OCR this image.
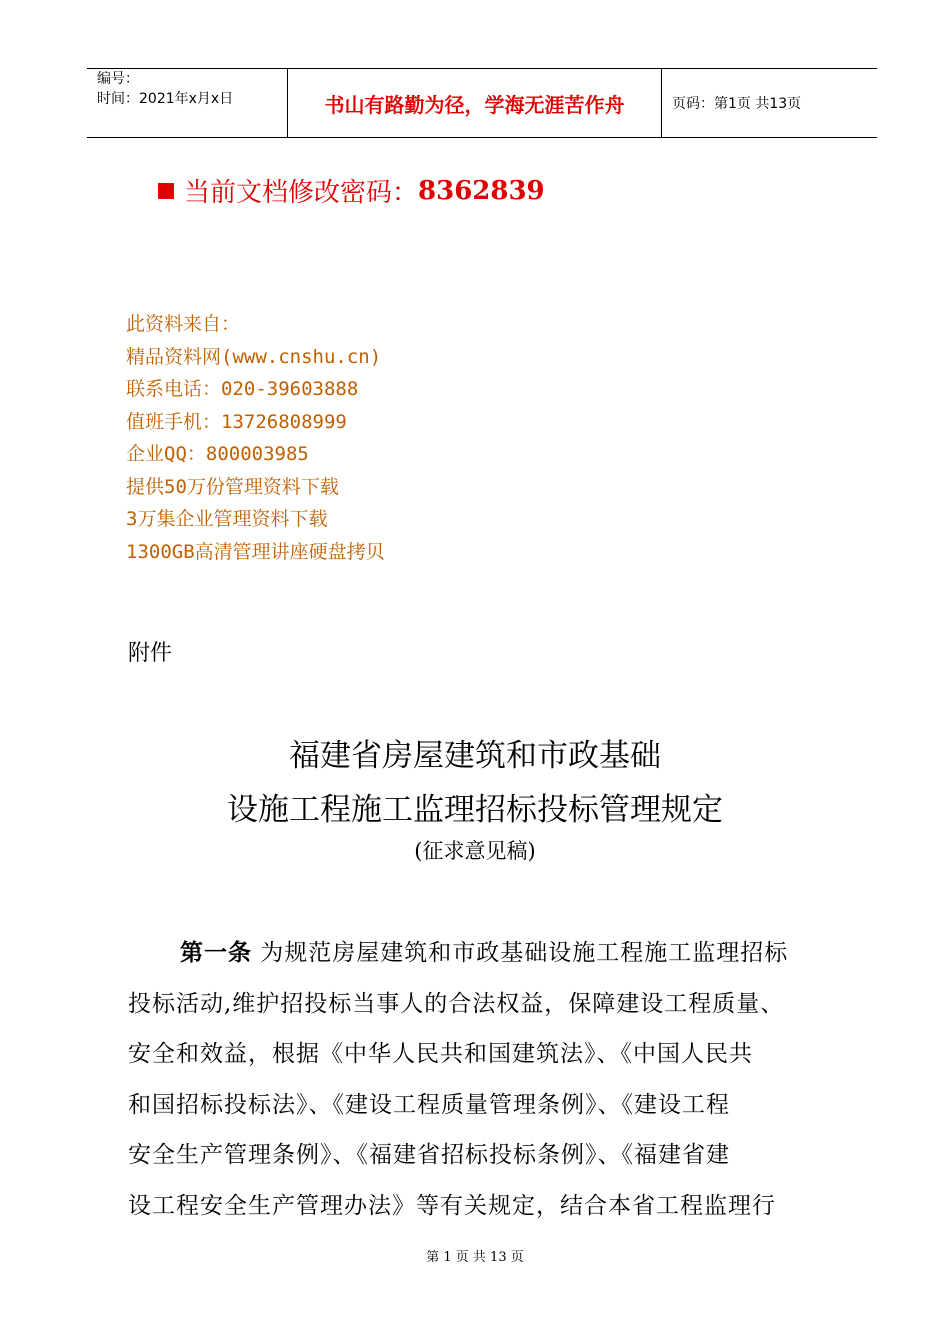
编号：
时间：2021年x月x日	书山有路勤为径，学海无涯苦作舟	页码：第1页 共13页
当前文档修改密码： 8362839
此资料来自：
精品资料网(www.cnshu.cn)
联系电话：020-39603888
值班手机：13726808999
企业QQ：800003985
提供50万份管理资料下载
3万集企业管理资料下载
1300GB高清管理讲座硬盘拷贝
附件
福建省房屋建筑和市政基础
设施工程施工监理招标投标管理规定
(征求意见稿)
第一条 为规范房屋建筑和市政基础设施工程施工监理招标
投标活动,维护招投标当事人的合法权益，保障建设工程质量、
安全和效益，根据《中华人民共和国建筑法》、《中国人民共
和国招标投标法》、《建设工程质量管理条例》、《建设工程
安全生产管理条例》、《福建省招标投标条例》、《福建省建
设工程安全生产管理办法》等有关规定，结合本省工程监理行
第 1 页 共 13 页
